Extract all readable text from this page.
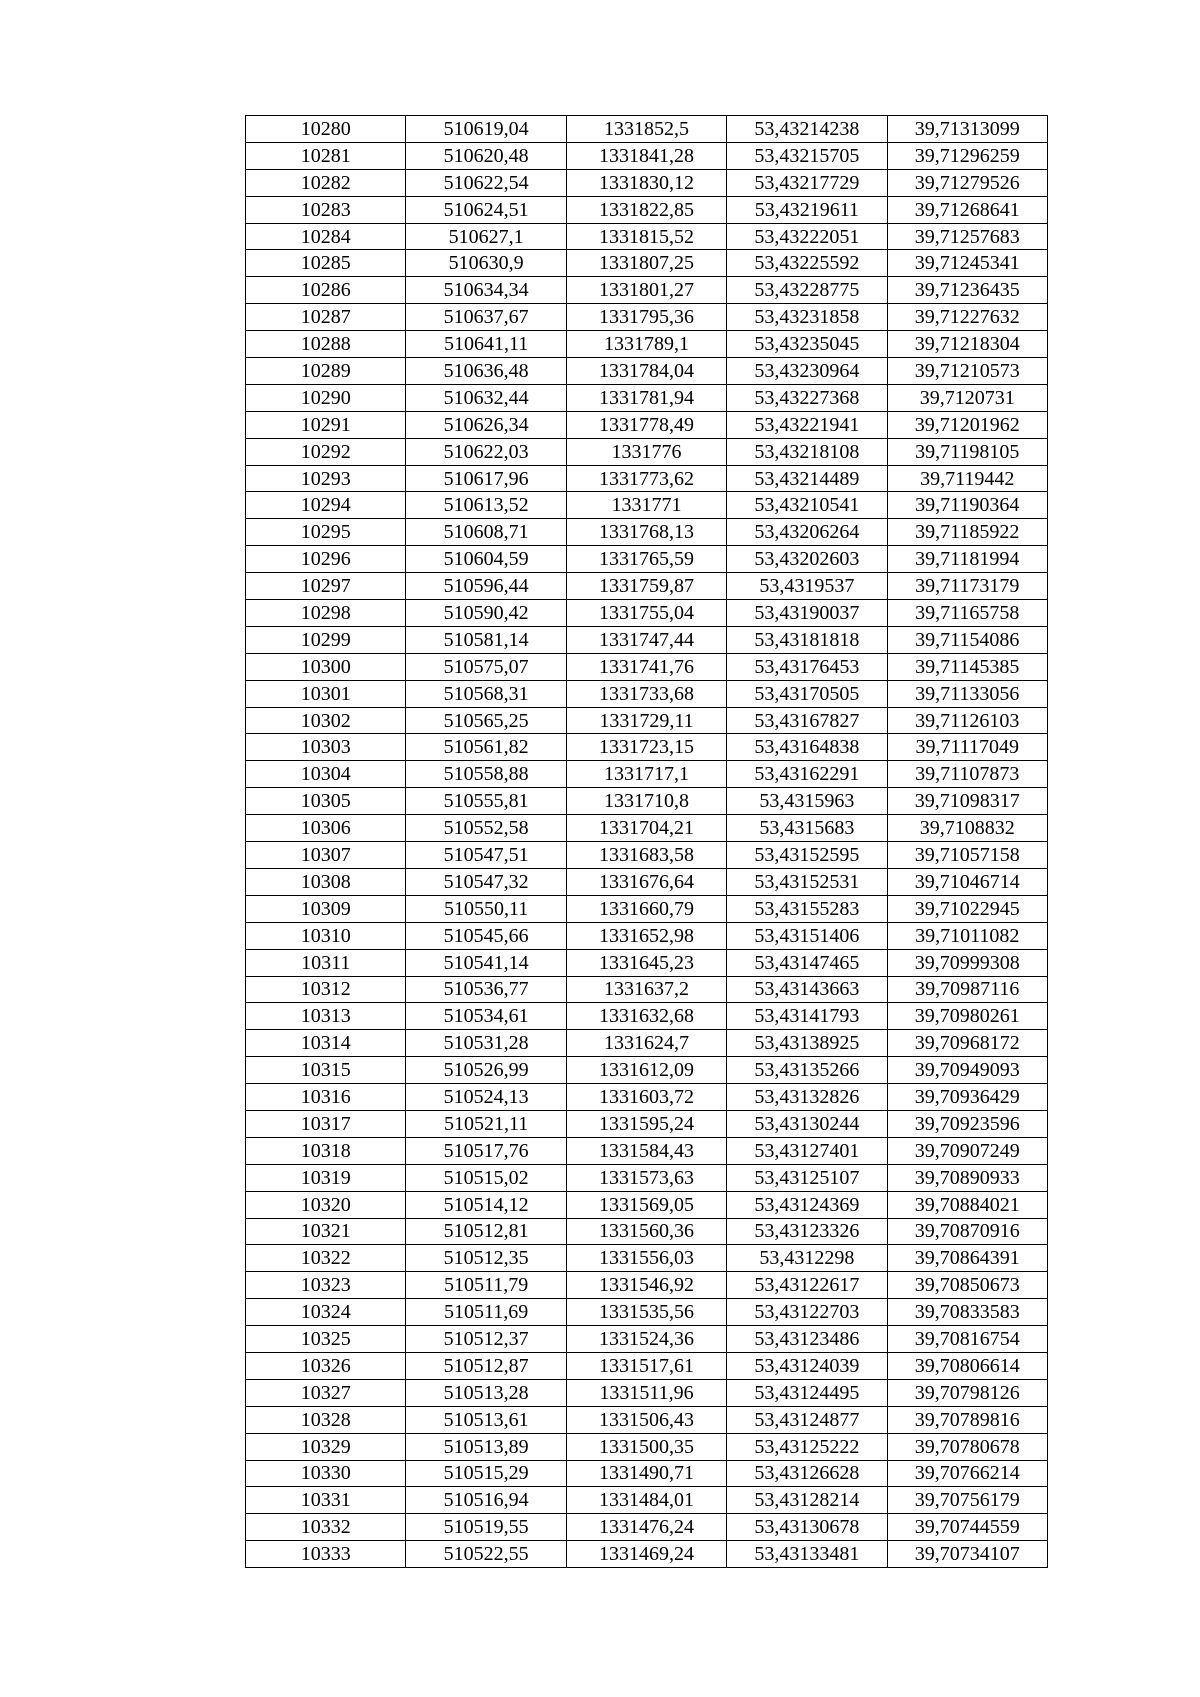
10280	510619,04	1331852,5	53,43214238	39,71313099
10281	510620,48	1331841,28	53,43215705	39,71296259
10282	510622,54	1331830,12	53,43217729	39,71279526
10283	510624,51	1331822,85	53,43219611	39,71268641
10284	510627,1	1331815,52	53,43222051	39,71257683
10285	510630,9	1331807,25	53,43225592	39,71245341
10286	510634,34	1331801,27	53,43228775	39,71236435
10287	510637,67	1331795,36	53,43231858	39,71227632
10288	510641,11	1331789,1	53,43235045	39,71218304
10289	510636,48	1331784,04	53,43230964	39,71210573
10290	510632,44	1331781,94	53,43227368	39,7120731
10291	510626,34	1331778,49	53,43221941	39,71201962
10292	510622,03	1331776	53,43218108	39,71198105
10293	510617,96	1331773,62	53,43214489	39,7119442
10294	510613,52	1331771	53,43210541	39,71190364
10295	510608,71	1331768,13	53,43206264	39,71185922
10296	510604,59	1331765,59	53,43202603	39,71181994
10297	510596,44	1331759,87	53,4319537	39,71173179
10298	510590,42	1331755,04	53,43190037	39,71165758
10299	510581,14	1331747,44	53,43181818	39,71154086
10300	510575,07	1331741,76	53,43176453	39,71145385
10301	510568,31	1331733,68	53,43170505	39,71133056
10302	510565,25	1331729,11	53,43167827	39,71126103
10303	510561,82	1331723,15	53,43164838	39,71117049
10304	510558,88	1331717,1	53,43162291	39,71107873
10305	510555,81	1331710,8	53,4315963	39,71098317
10306	510552,58	1331704,21	53,4315683	39,7108832
10307	510547,51	1331683,58	53,43152595	39,71057158
10308	510547,32	1331676,64	53,43152531	39,71046714
10309	510550,11	1331660,79	53,43155283	39,71022945
10310	510545,66	1331652,98	53,43151406	39,71011082
10311	510541,14	1331645,23	53,43147465	39,70999308
10312	510536,77	1331637,2	53,43143663	39,70987116
10313	510534,61	1331632,68	53,43141793	39,70980261
10314	510531,28	1331624,7	53,43138925	39,70968172
10315	510526,99	1331612,09	53,43135266	39,70949093
10316	510524,13	1331603,72	53,43132826	39,70936429
10317	510521,11	1331595,24	53,43130244	39,70923596
10318	510517,76	1331584,43	53,43127401	39,70907249
10319	510515,02	1331573,63	53,43125107	39,70890933
10320	510514,12	1331569,05	53,43124369	39,70884021
10321	510512,81	1331560,36	53,43123326	39,70870916
10322	510512,35	1331556,03	53,4312298	39,70864391
10323	510511,79	1331546,92	53,43122617	39,70850673
10324	510511,69	1331535,56	53,43122703	39,70833583
10325	510512,37	1331524,36	53,43123486	39,70816754
10326	510512,87	1331517,61	53,43124039	39,70806614
10327	510513,28	1331511,96	53,43124495	39,70798126
10328	510513,61	1331506,43	53,43124877	39,70789816
10329	510513,89	1331500,35	53,43125222	39,70780678
10330	510515,29	1331490,71	53,43126628	39,70766214
10331	510516,94	1331484,01	53,43128214	39,70756179
10332	510519,55	1331476,24	53,43130678	39,70744559
10333	510522,55	1331469,24	53,43133481	39,70734107
